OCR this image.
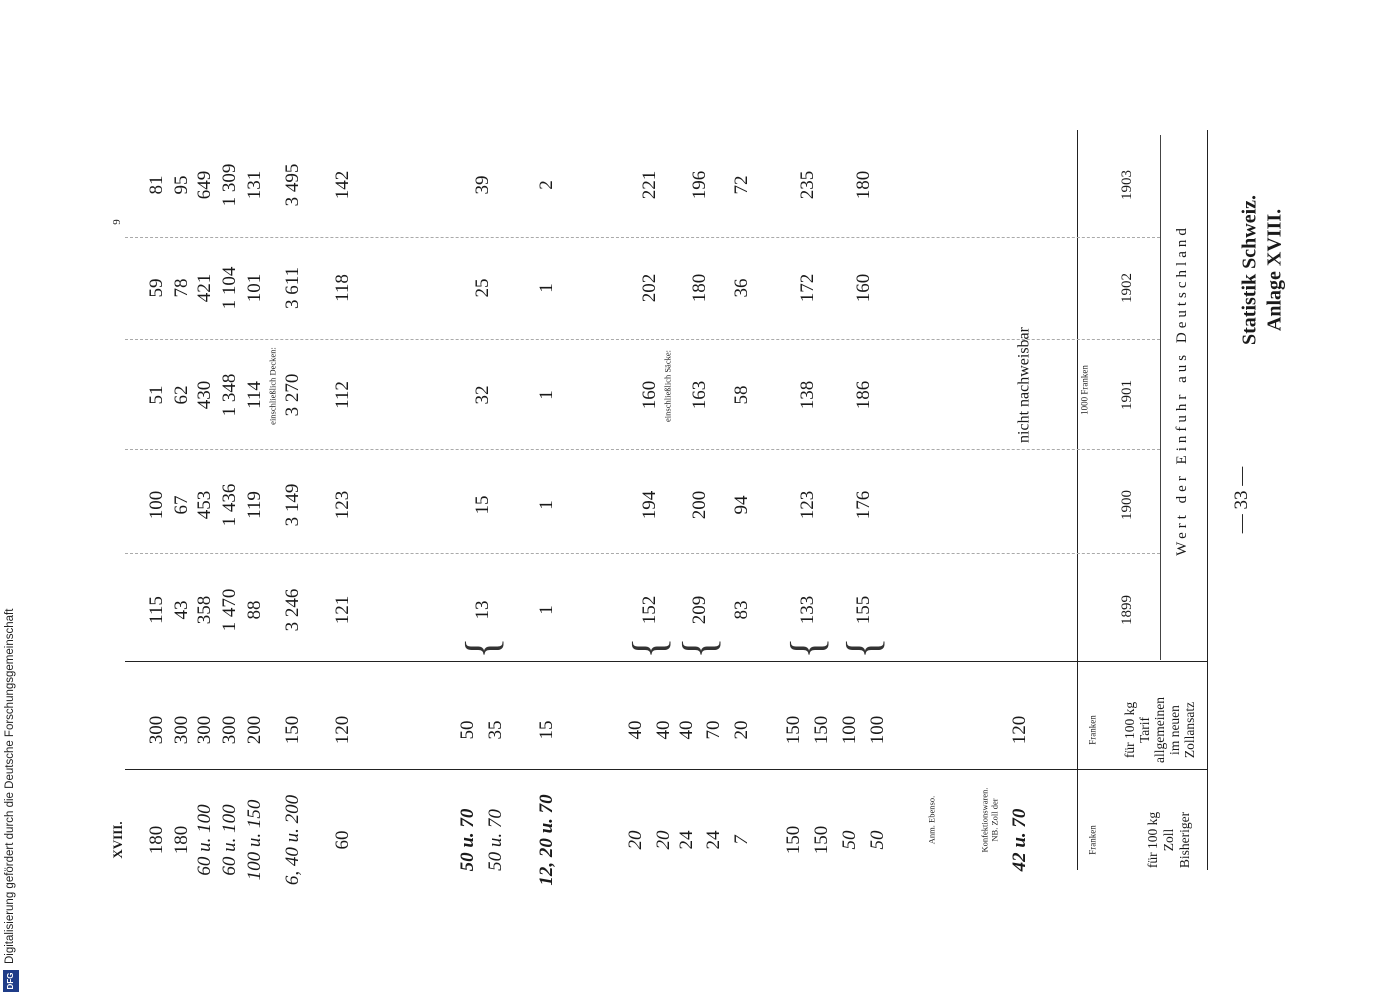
Anlage XVIII.
Statistik Schweiz.
— 33 —
Bisheriger
Zoll
für 100 kg
Franken
Zollansatz
im neuen
allgemeinen
Tarif
für 100 kg
Franken
Wert der Einfuhr aus Deutschland
1000 Franken
1899
1900
1901
1902
1903
nicht nachweisbar
NB. Zoll der
Konfektionswaren.
Anm. Ebenso.
einschließlich Säcke:
einschließlich Decken:
42 u. 70
120
50
100
50
100
150
150
150
150
7
20
24
70
24
40
20
40
20
40
12, 20 u. 70
15
1
1
1
1
2
50 u. 70
35
50 u. 70
50
60
120
121
123
112
118
142
6, 40 u. 200
150
3 246
3 149
3 270
3 611
3 495
100 u. 150
200
88
119
114
101
131
60 u. 100
300
1 470
1 436
1 348
1 104
1 309
60 u. 100
300
358
453
430
421
649
180
300
43
67
62
78
95
180
300
115
100
51
59
81
{
155
176
186
160
180
{
133
123
138
172
235
83
94
58
36
72
{
209
200
163
180
196
{
152
194
160
202
221
{
13
15
32
25
39
XVIII.
9
DFG
Digitalisierung gefördert durch die Deutsche Forschungsgemeinschaft
